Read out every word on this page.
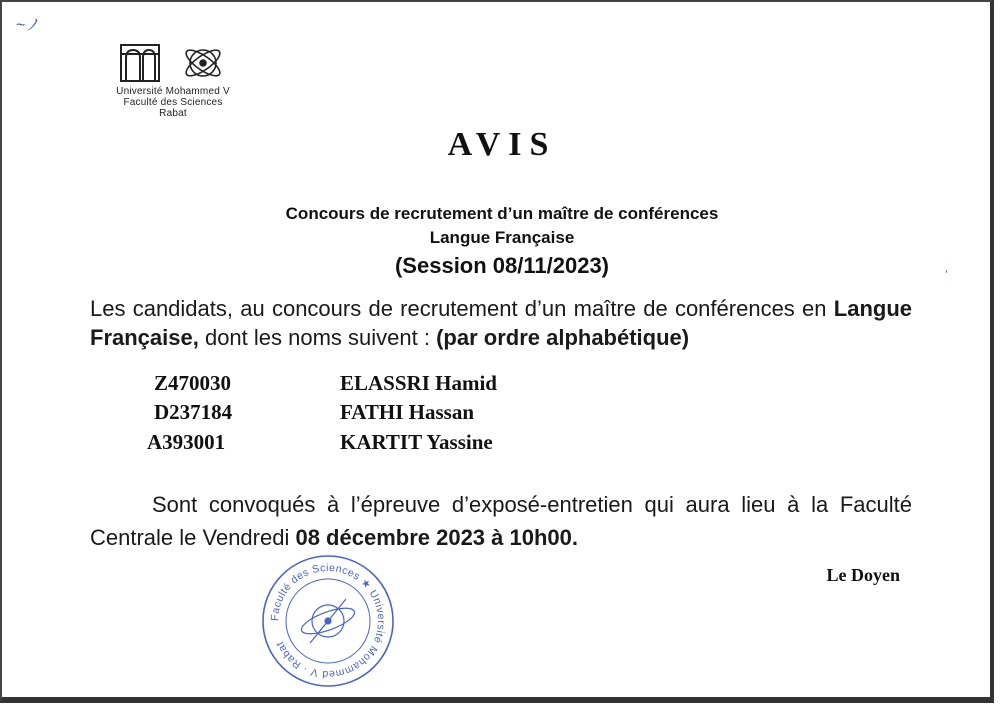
~ノ
ʼ
Université Mohammed V
Faculté des Sciences
Rabat
AVIS
Concours de recrutement d’un maître de conférences
Langue Française
(Session 08/11/2023)
Les candidats, au concours de recrutement d’un maître de conférences en Langue Française, dont les noms suivent : (par ordre alphabétique)
Z470030	ELASSRI Hamid
D237184	FATHI Hassan
A393001	KARTIT Yassine
Sont convoqués à l’épreuve d’exposé-entretien qui aura lieu à la Faculté Centrale le Vendredi 08 décembre 2023 à 10h00.
Le Doyen
Faculté des Sciences ★ Université Mohammed V · Rabat
